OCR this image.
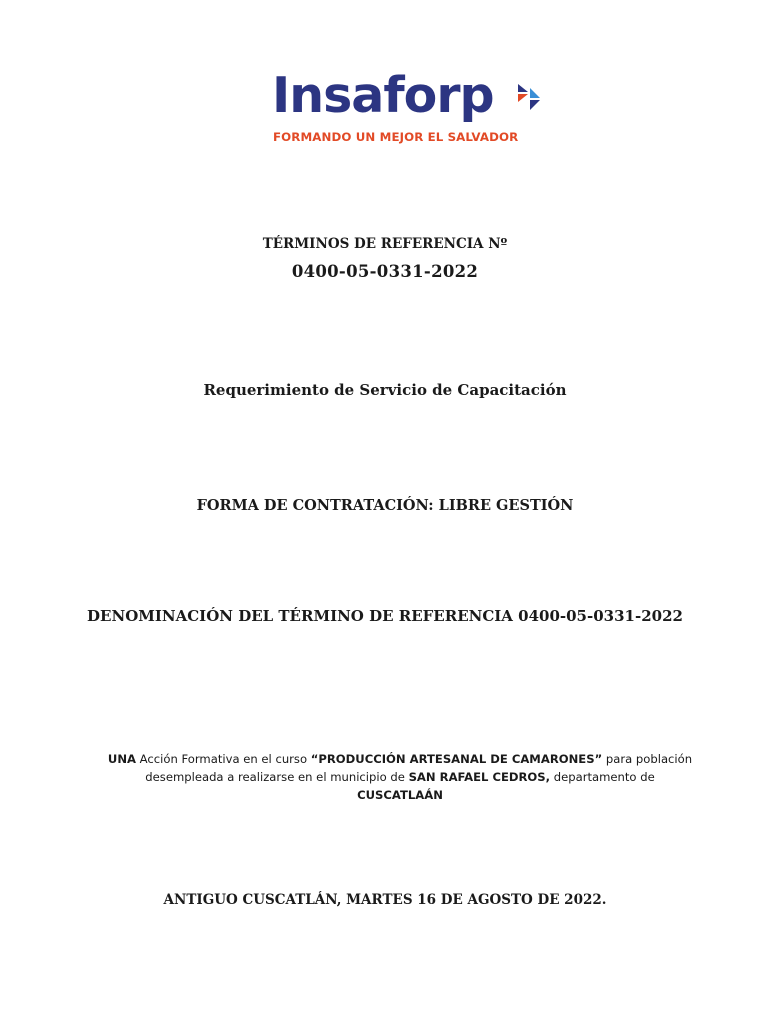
Insaforp
FORMANDO UN MEJOR EL SALVADOR
TÉRMINOS DE REFERENCIA Nº
0400-05-0331-2022
Requerimiento de Servicio de Capacitación
FORMA DE CONTRATACIÓN: LIBRE GESTIÓN
DENOMINACIÓN DEL TÉRMINO DE REFERENCIA 0400-05-0331-2022
UNA Acción Formativa en el curso “PRODUCCIÓN ARTESANAL DE CAMARONES” para población desempleada a realizarse en el municipio de SAN RAFAEL CEDROS, departamento de
CUSCATLAÁN
ANTIGUO CUSCATLÁN, MARTES 16 DE AGOSTO DE 2022.
